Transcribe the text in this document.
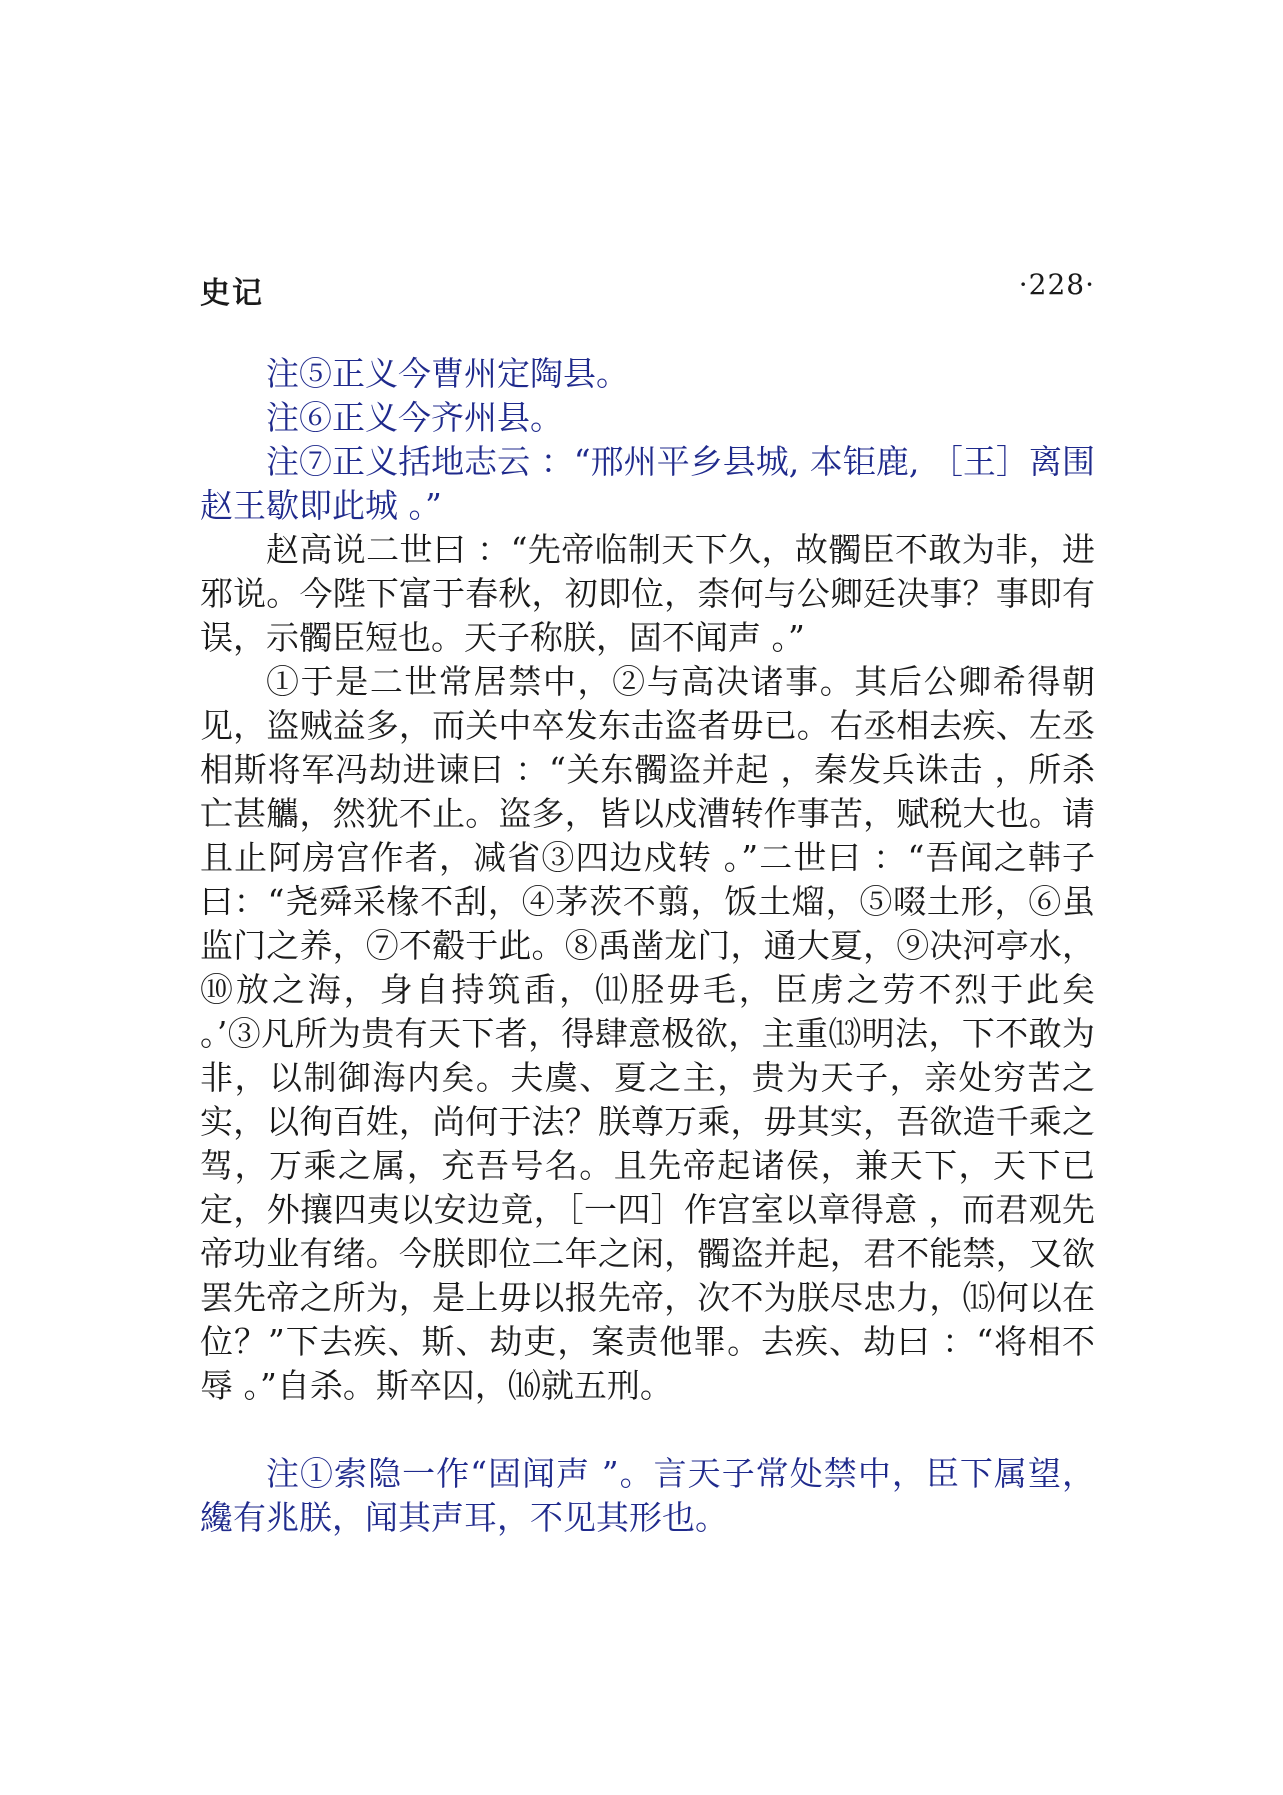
史记	·228·

注⑤正义今曹州定陶县。

注⑥正义今齐州县。

注⑦正义括地志云 ：“邢州平乡县城, 本钜鹿, ［王］离围赵王歇即此城 。”

赵高说二世曰 ：“先帝临制天下久，故髑臣不敢为非，进邪说。今陛下富于春秋，初即位，柰何与公卿廷决事？事即有误，示髑臣短也。天子称朕，固不闻声 。”

①于是二世常居禁中，②与高决诸事。其后公卿希得朝见，盗贼益多，而关中卒发东击盗者毋已。右丞相去疾、左丞相斯将军冯劫进谏曰 ：“关东髑盗并起 ，秦发兵诛击 ，所杀亡甚觿，然犹不止。盗多，皆以戍漕转作事苦，赋税大也。请且止阿房宫作者，减省③四边戍转 。”二世曰 ：“吾闻之韩子曰：“尧舜采椽不刮，④茅茨不翦，饭土熘，⑤啜土形，⑥虽监门之养，⑦不觳于此。⑧禹凿龙门，通大夏，⑨决河亭水，⑩放之海，身自持筑臿，⑾胫毋毛，臣虏之劳不烈于此矣 。’③凡所为贵有天下者，得肆意极欲，主重⒀明法，下不敢为非，以制御海内矣。夫虞、夏之主，贵为天子，亲处穷苦之实，以徇百姓，尚何于法？朕尊万乘，毋其实，吾欲造千乘之驾，万乘之属，充吾号名。且先帝起诸侯，兼天下，天下已定，外攘四夷以安边竟，［一四］作宫室以章得意 ，而君观先帝功业有绪。今朕即位二年之闲，髑盗并起，君不能禁，又欲罢先帝之所为，是上毋以报先帝，次不为朕尽忠力，⒂何以在位？”下去疾、斯、劫吏，案责他罪。去疾、劫曰 ：“将相不辱 。”自杀。斯卒囚，⒃就五刑。

注①索隐一作“固闻声 ”。言天子常处禁中，臣下属望，纔有兆朕，闻其声耳，不见其形也。
